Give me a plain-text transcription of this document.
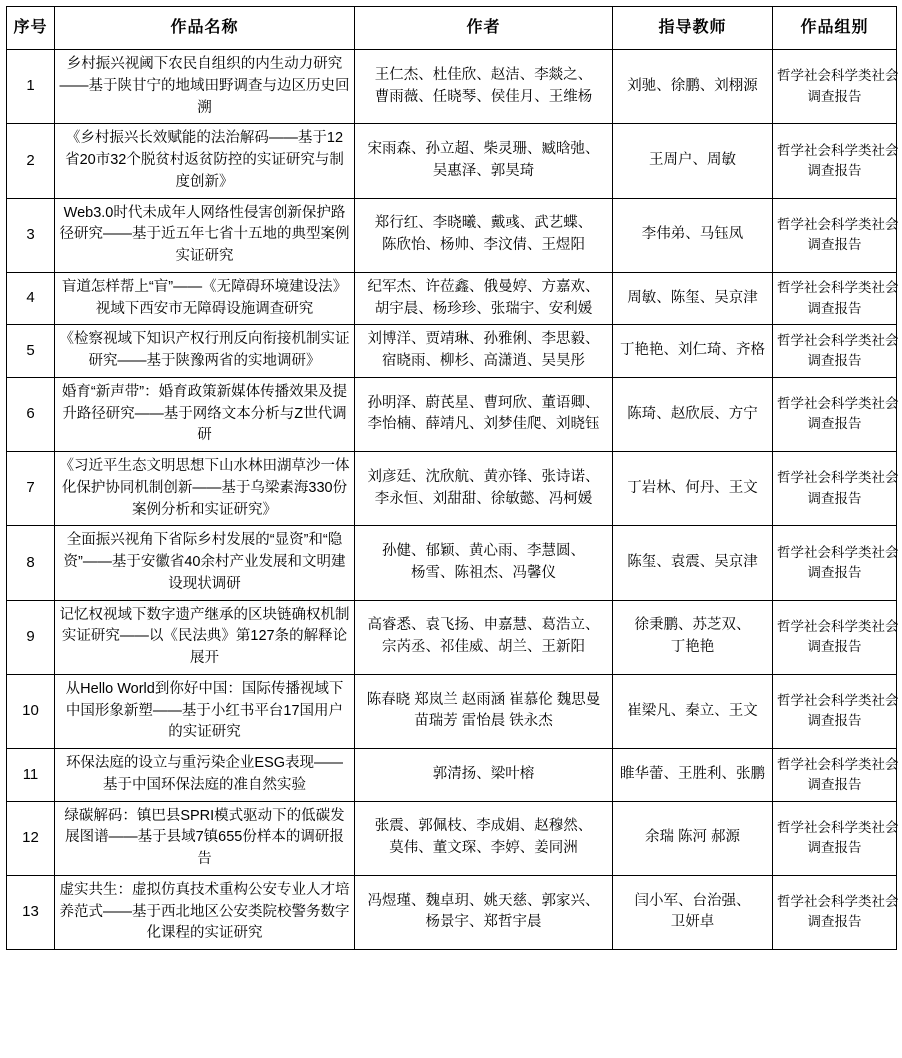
序号	作品名称	作者	指导教师	作品组别
1	乡村振兴视阈下农民自组织的内生动力研究——基于陕甘宁的地域田野调查与边区历史回溯	王仁杰、杜佳欣、赵洁、李燚之、
曹雨薇、任晓琴、侯佳月、王维杨	刘驰、徐鹏、刘栩源	哲学社会科学类社会
调查报告

2	《乡村振兴长效赋能的法治解码——基于12省20市32个脱贫村返贫防控的实证研究与制度创新》	宋雨森、孙立超、柴灵珊、臧晗弛、
吴惠泽、郭昊琦	王周户、周敏	哲学社会科学类社会
调查报告

3	Web3.0时代未成年人网络性侵害创新保护路径研究——基于近五年七省十五地的典型案例实证研究	郑行红、李晓曦、戴彧、武艺蝶、
陈欣怡、杨帅、李汶倩、王煜阳	李伟弟、马钰凤	哲学社会科学类社会
调查报告

4	盲道怎样帮上“盲”——《无障碍环境建设法》视域下西安市无障碍设施调查研究	纪军杰、许莅鑫、俄曼婷、方嘉欢、
胡宇晨、杨珍珍、张瑞宇、安利媛	周敏、陈玺、吴京津	哲学社会科学类社会
调查报告

5	《检察视域下知识产权行刑反向衔接机制实证研究——基于陕豫两省的实地调研》	刘博洋、贾靖琳、孙雅俐、李思毅、
宿晓雨、柳杉、高潇逍、吴昊彤	丁艳艳、刘仁琦、齐格	哲学社会科学类社会
调查报告

6	婚育“新声带”：婚育政策新媒体传播效果及提升路径研究——基于网络文本分析与Z世代调研	孙明泽、蔚芪星、曹珂欣、董语卿、
李怡楠、薛靖凡、刘梦佳爬、刘晓钰	陈琦、赵欣辰、方宁	哲学社会科学类社会
调查报告

7	《习近平生态文明思想下山水林田湖草沙一体化保护协同机制创新——基于乌梁素海330份案例分析和实证研究》	刘彦廷、沈欣航、黄亦锋、张诗诺、
李永恒、刘甜甜、徐敏懿、冯柯媛	丁岩林、何丹、王文	哲学社会科学类社会
调查报告

8	全面振兴视角下省际乡村发展的“显资”和“隐资”——基于安徽省40余村产业发展和文明建设现状调研	孙健、郁颖、黄心雨、李慧圆、
杨雪、陈祖杰、冯馨仪	陈玺、袁震、吴京津	哲学社会科学类社会
调查报告

9	记忆权视域下数字遗产继承的区块链确权机制实证研究——以《民法典》第127条的解释论展开	高睿悉、袁飞扬、申嘉慧、葛浩立、
宗芮丞、祁佳威、胡兰、王新阳	徐秉鹏、苏芝双、
丁艳艳	哲学社会科学类社会
调查报告

10	从Hello World到你好中国：国际传播视域下中国形象新塑——基于小红书平台17国用户的实证研究	陈春晓 郑岚兰 赵雨涵 崔慕伦 魏思曼
苗瑞芳 雷怡晨 铁永杰	崔梁凡、秦立、王文	哲学社会科学类社会
调查报告

11	环保法庭的设立与重污染企业ESG表现——基于中国环保法庭的准自然实验	郭清扬、梁叶榕	睢华蕾、王胜利、张鹏	哲学社会科学类社会
调查报告

12	绿碳解码：镇巴县SPRI模式驱动下的低碳发展图谱——基于县域7镇655份样本的调研报告	张震、郭佩枝、李成娟、赵穆然、
莫伟、董文琛、李婷、姜同洲	余瑞 陈河 郝源	哲学社会科学类社会
调查报告

13	虚实共生：虚拟仿真技术重构公安专业人才培养范式——基于西北地区公安类院校警务数字化课程的实证研究	冯煜瑾、魏卓玥、姚天慈、郭家兴、
杨景宇、郑哲宇晨	闫小军、台治强、
卫妍卓	哲学社会科学类社会
调查报告
